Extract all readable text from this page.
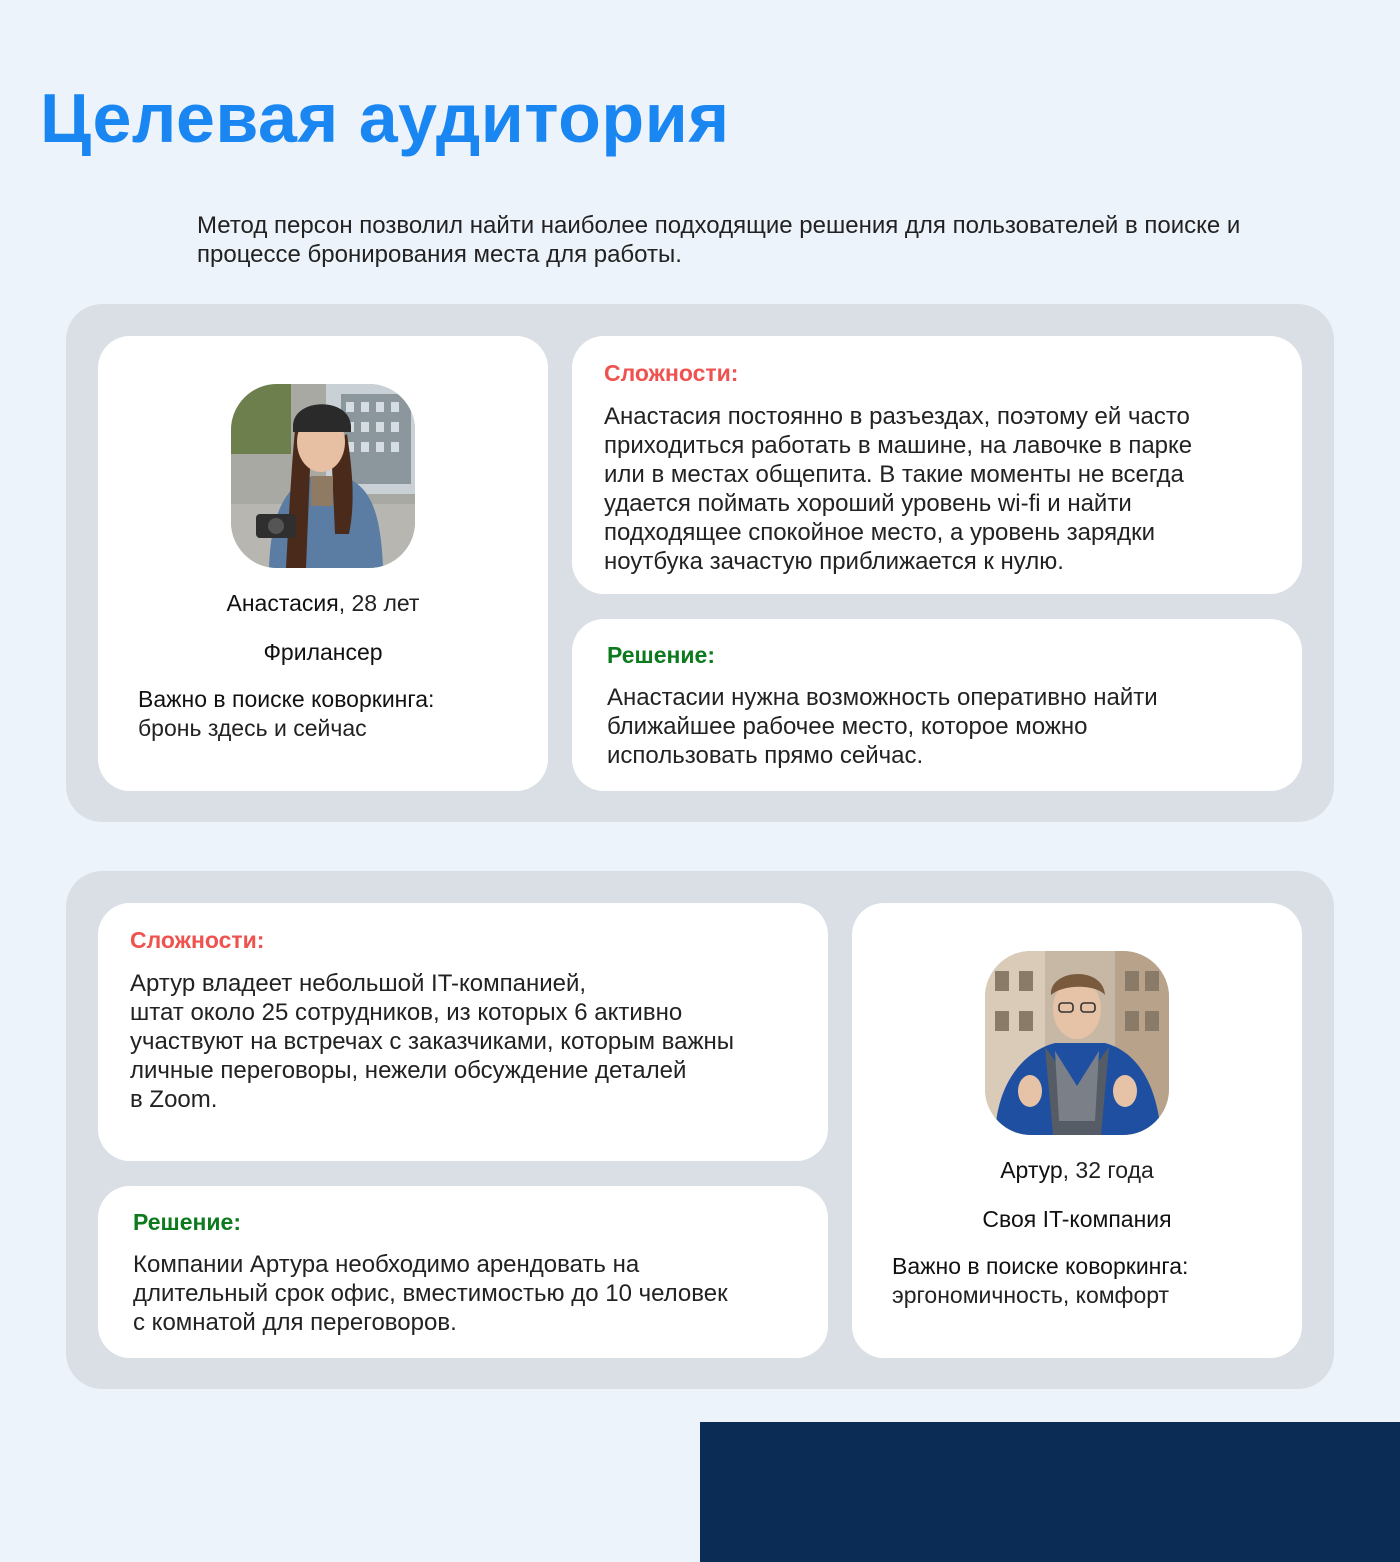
Целевая аудитория

Метод персон позволил найти наиболее подходящие решения для пользователей в поиске и процессе бронирования места для работы.

Анастасия, 28 лет
Фрилансер
Важно в поиске коворкинга:
бронь здесь и сейчас
Сложности:
Анастасия постоянно в разъездах, поэтому ей часто
приходиться работать в машине, на лавочке в парке
или в местах общепита. В такие моменты не всегда
удается поймать хороший уровень wi-fi и найти
подходящее спокойное место, а уровень зарядки
ноутбука зачастую приближается к нулю.
Решение:
Анастасии нужна возможность оперативно найти
ближайшее рабочее место, которое можно
использовать прямо сейчас.
Сложности:
Артур владеет небольшой IT-компанией,
штат около 25 сотрудников, из которых 6 активно
участвуют на встречах с заказчиками, которым важны
личные переговоры, нежели обсуждение деталей
в Zoom.
Решение:
Компании Артура необходимо арендовать на
длительный срок офис, вместимостью до 10 человек
с комнатой для переговоров.
Артур, 32 года
Своя IT-компания
Важно в поиске коворкинга:
эргономичность, комфорт
